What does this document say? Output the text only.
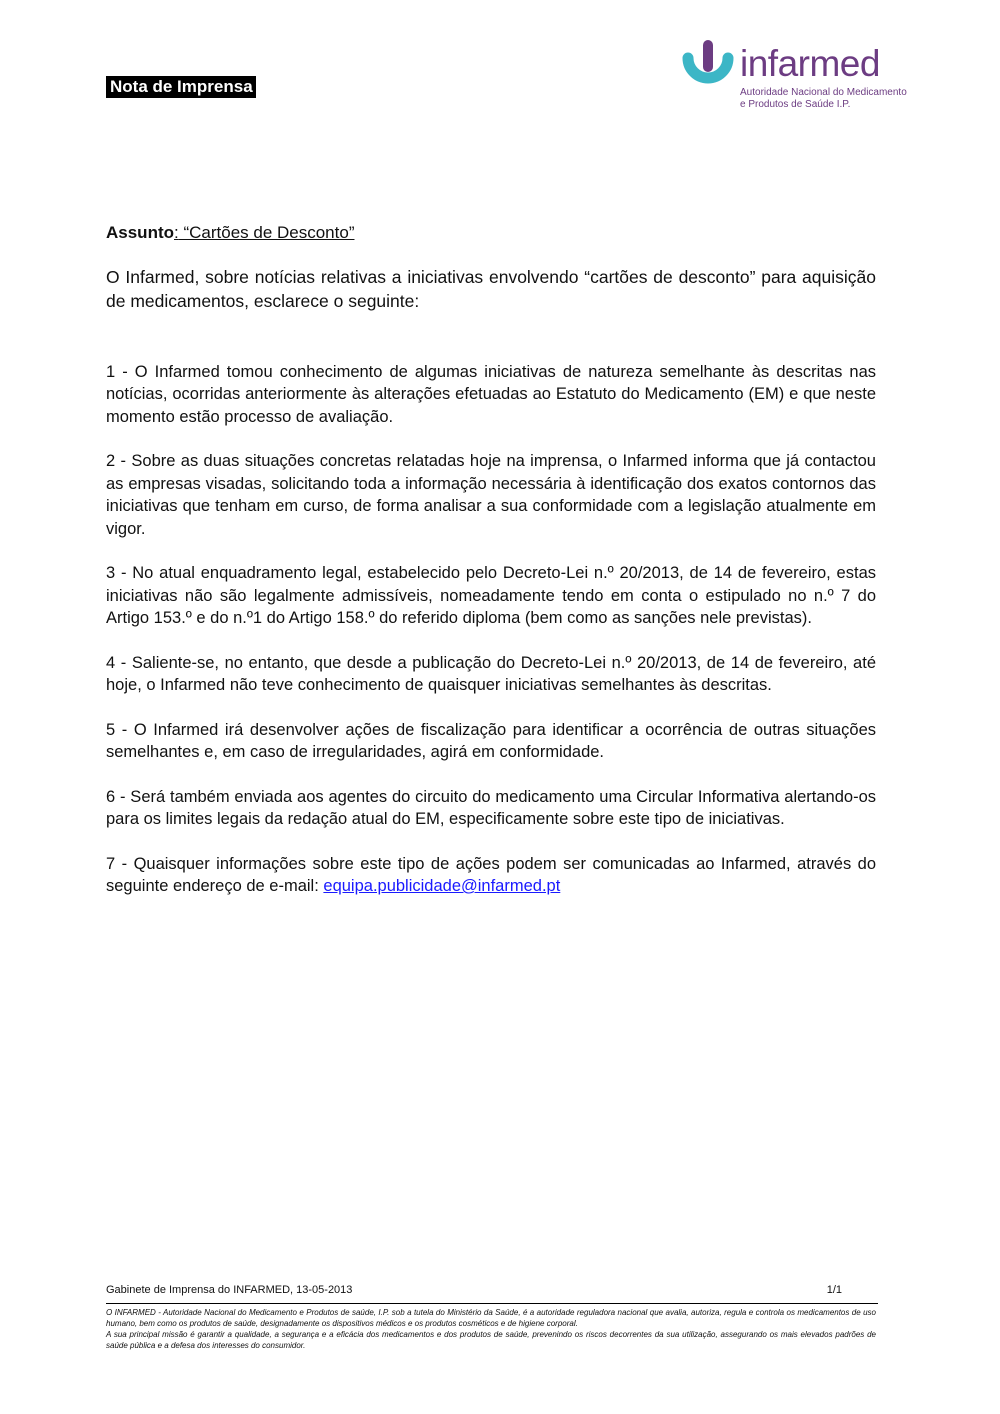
Nota de Imprensa
infarmed
Autoridade Nacional do Medicamento
e Produtos de Saúde I.P.

Assunto: “Cartões de Desconto”

O Infarmed, sobre notícias relativas a iniciativas envolvendo “cartões de desconto” para aquisição de medicamentos, esclarece o seguinte:

1 - O Infarmed tomou conhecimento de algumas iniciativas de natureza semelhante às descritas nas notícias, ocorridas anteriormente às alterações efetuadas ao Estatuto do Medicamento (EM) e que neste momento estão processo de avaliação.

2 - Sobre as duas situações concretas relatadas hoje na imprensa, o Infarmed informa que já contactou as empresas visadas, solicitando toda a informação necessária à identificação dos exatos contornos das iniciativas que tenham em curso, de forma analisar a sua conformidade com a legislação atualmente em vigor.

3 - No atual enquadramento legal, estabelecido pelo Decreto-Lei n.º 20/2013, de 14 de fevereiro, estas iniciativas não são legalmente admissíveis, nomeadamente tendo em conta o estipulado no n.º 7 do Artigo 153.º e do n.º1 do Artigo 158.º do referido diploma (bem como as sanções nele previstas).

4 - Saliente-se, no entanto, que desde a publicação do Decreto-Lei n.º 20/2013, de 14 de fevereiro, até hoje, o Infarmed não teve conhecimento de quaisquer iniciativas semelhantes às descritas.

5 - O Infarmed irá desenvolver ações de fiscalização para identificar a ocorrência de outras situações semelhantes e, em caso de irregularidades, agirá em conformidade.

6 - Será também enviada aos agentes do circuito do medicamento uma Circular Informativa alertando-os para os limites legais da redação atual do EM, especificamente sobre este tipo de iniciativas.

7 - Quaisquer informações sobre este tipo de ações podem ser comunicadas ao Infarmed, através do seguinte endereço de e-mail: equipa.publicidade@infarmed.pt

Gabinete de Imprensa do INFARMED, 13-05-2013	1/1

O INFARMED - Autoridade Nacional do Medicamento e Produtos de saúde, I.P. sob a tutela do Ministério da Saúde, é a autoridade reguladora nacional que avalia, autoriza, regula e controla os medicamentos de uso humano, bem como os produtos de saúde, designadamente os dispositivos médicos e os produtos cosméticos e de higiene corporal.

A sua principal missão é garantir a qualidade, a segurança e a eficácia dos medicamentos e dos produtos de saúde, prevenindo os riscos decorrentes da sua utilização, assegurando os mais elevados padrões de saúde pública e a defesa dos interesses do consumidor.
